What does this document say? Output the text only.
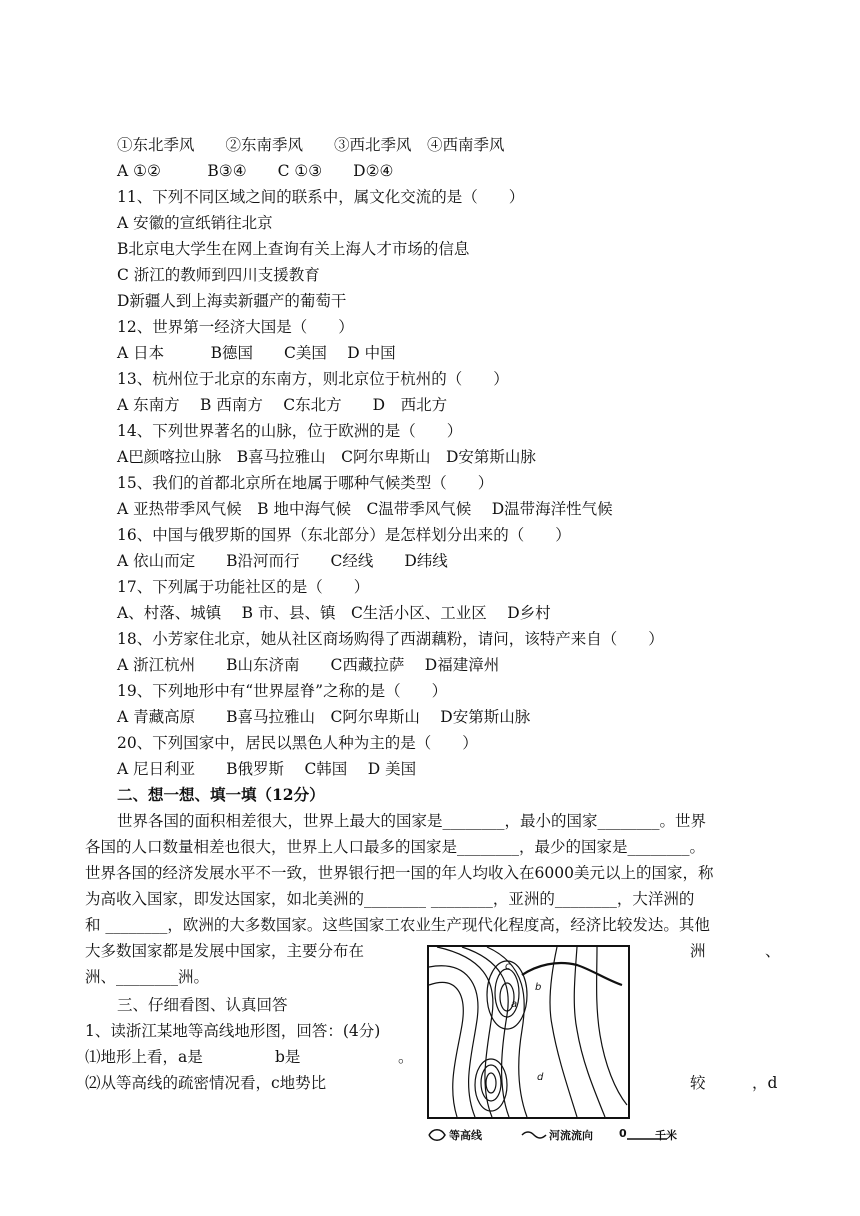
①东北季风　　②东南季风　　③西北季风　④西南季风
A ①②　　　B③④　　C ①③　　D②④
11、下列不同区域之间的联系中，属文化交流的是（　　）
A 安徽的宣纸销往北京
B北京电大学生在网上查询有关上海人才市场的信息
C 浙江的教师到四川支援教育
D新疆人到上海卖新疆产的葡萄干
12、世界第一经济大国是（　　）
A 日本　　　B德国　　C美国　 D 中国
13、杭州位于北京的东南方，则北京位于杭州的（　　）
A 东南方　 B 西南方　 C东北方　　D　西北方
14、下列世界著名的山脉，位于欧洲的是（　　）
A巴颜喀拉山脉　B喜马拉雅山　C阿尔卑斯山　D安第斯山脉
15、我们的首都北京所在地属于哪种气候类型（　　）
A 亚热带季风气候　B 地中海气候　C温带季风气候　 D温带海洋性气候
16、中国与俄罗斯的国界（东北部分）是怎样划分出来的（　　）
A 依山而定　　B沿河而行　　C经线　　D纬线
17、下列属于功能社区的是（　　）
A、村落、城镇　 B 市、县、镇　C生活小区、工业区　 D乡村
18、小芳家住北京，她从社区商场购得了西湖藕粉，请问，该特产来自（　　）
A 浙江杭州　　B山东济南　　C西藏拉萨　 D福建漳州
19、下列地形中有“世界屋脊”之称的是（　　）
A 青藏高原　　B喜马拉雅山　C阿尔卑斯山　 D安第斯山脉
20、下列国家中，居民以黑色人种为主的是（　　）
A 尼日利亚　　B俄罗斯　 C韩国　 D 美国
二、想一想、填一填（12分）
世界各国的面积相差很大，世界上最大的国家是________，最小的国家________。世界
各国的人口数量相差也很大，世界上人口最多的国家是________，最少的国家是________。
世界各国的经济发展水平不一致，世界银行把一国的年人均收入在6000美元以上的国家，称
为高收入国家，即发达国家，如北美洲的________ ________，亚洲的________，大洋洲的
和 ________，欧洲的大多数国家。这些国家工农业生产现代化程度高，经济比较发达。其他
大多数国家都是发展中国家，主要分布在	洲	、
洲、________洲。
三、仔细看图、认真回答
1、读浙江某地等高线地形图，回答：(4分)
⑴地形上看，a是	b是	。
⑵从等高线的疏密情况看，c地势比	较	，d
c
b
a
d
等高线	河流流向 0	千米
